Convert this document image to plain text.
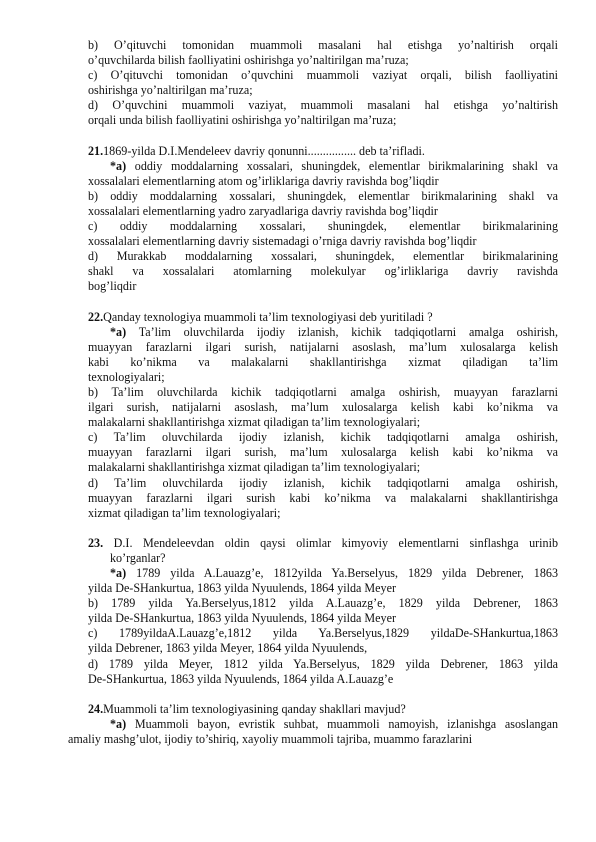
b) O’qituvchi tomonidan muammoli masalani hal etishga yo’naltirish orqali
o’quvchilarda bilish faolliyatini oshirishga yo’naltirilgan ma’ruza;
c) O’qituvchi tomonidan o’quvchini muammoli vaziyat orqali, bilish faolliyatini
oshirishga yo’naltirilgan ma’ruza;
d) O’quvchini muammoli vaziyat, muammoli masalani hal etishga yo’naltirish
orqali unda bilish faolliyatini oshirishga yo’naltirilgan ma’ruza;
21.1869-yilda D.I.Mendeleev davriy qonunni................ deb ta’rifladi.
*a) oddiy moddalarning xossalari, shuningdek, elementlar birikmalarining shakl va
xossalalari elementlarning atom og’irliklariga davriy ravishda bog’liqdir
b) oddiy moddalarning xossalari, shuningdek, elementlar birikmalarining shakl va
xossalalari elementlarning yadro zaryadlariga davriy ravishda bog’liqdir
c) oddiy moddalarning xossalari, shuningdek, elementlar birikmalarining
xossalalari elementlarning davriy sistemadagi o’rniga davriy ravishda bog’liqdir
d) Murakkab moddalarning xossalari, shuningdek, elementlar birikmalarining
shakl va xossalalari atomlarning molekulyar og’irliklariga davriy ravishda
bog’liqdir
22.Qanday texnologiya muammoli ta’lim texnologiyasi deb yuritiladi ?
*a) Ta’lim oluvchilarda ijodiy izlanish, kichik tadqiqotlarni amalga oshirish,
muayyan farazlarni ilgari surish, natijalarni asoslash, ma’lum xulosalarga kelish
kabi ko’nikma va malakalarni shakllantirishga xizmat qiladigan ta’lim
texnologiyalari;
b) Ta’lim oluvchilarda kichik tadqiqotlarni amalga oshirish, muayyan farazlarni
ilgari surish, natijalarni asoslash, ma’lum xulosalarga kelish kabi ko’nikma va
malakalarni shakllantirishga xizmat qiladigan ta’lim texnologiyalari;
c) Ta’lim oluvchilarda ijodiy izlanish, kichik tadqiqotlarni amalga oshirish,
muayyan farazlarni ilgari surish, ma’lum xulosalarga kelish kabi ko’nikma va
malakalarni shakllantirishga xizmat qiladigan ta’lim texnologiyalari;
d) Ta’lim oluvchilarda ijodiy izlanish, kichik tadqiqotlarni amalga oshirish,
muayyan farazlarni ilgari surish kabi ko’nikma va malakalarni shakllantirishga
xizmat qiladigan ta’lim texnologiyalari;
23. D.I. Mendeleevdan oldin qaysi olimlar kimyoviy elementlarni sinflashga urinib
ko’rganlar?
*a) 1789 yilda A.Lauazg’e, 1812yilda Ya.Berselyus, 1829 yilda Debrener, 1863
yilda De-SHankurtua, 1863 yilda Nyuulends, 1864 yilda Meyer
b) 1789 yilda Ya.Berselyus,1812 yilda A.Lauazg’e, 1829 yilda Debrener, 1863
yilda De-SHankurtua, 1863 yilda Nyuulends, 1864 yilda Meyer
c) 1789yildaA.Lauazg’e,1812 yilda Ya.Berselyus,1829 yildaDe-SHankurtua,1863
yilda Debrener, 1863 yilda Meyer, 1864 yilda Nyuulends,
d) 1789 yilda Meyer, 1812 yilda Ya.Berselyus, 1829 yilda Debrener, 1863 yilda
De-SHankurtua, 1863 yilda Nyuulends, 1864 yilda A.Lauazg’e
24.Muammoli ta’lim texnologiyasining qanday shakllari mavjud?
*a) Muammoli bayon, evristik suhbat, muammoli namoyish, izlanishga asoslangan
amaliy mashg’ulot, ijodiy to’shiriq, xayoliy muammoli tajriba, muammo farazlarini
